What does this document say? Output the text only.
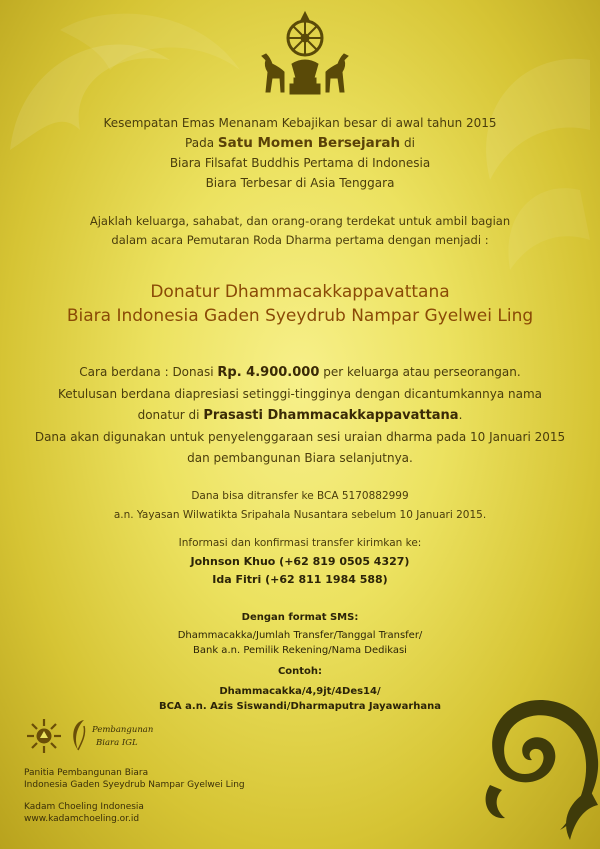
Kesempatan Emas Menanam Kebajikan besar di awal tahun 2015
Pada Satu Momen Bersejarah di
Biara Filsafat Buddhis Pertama di Indonesia
Biara Terbesar di Asia Tenggara
Ajaklah keluarga, sahabat, dan orang-orang terdekat untuk ambil bagian
dalam acara Pemutaran Roda Dharma pertama dengan menjadi :
Donatur Dhammacakkappavattana
Biara Indonesia Gaden Syeydrub Nampar Gyelwei Ling
Cara berdana : Donasi Rp. 4.900.000 per keluarga atau perseorangan.
Ketulusan berdana diapresiasi setinggi-tingginya dengan dicantumkannya nama
donatur di Prasasti Dhammacakkappavattana.
Dana akan digunakan untuk penyelenggaraan sesi uraian dharma pada 10 Januari 2015
dan pembangunan Biara selanjutnya.
Dana bisa ditransfer ke BCA 5170882999
a.n. Yayasan Wilwatikta Sripahala Nusantara sebelum 10 Januari 2015.
Informasi dan konfirmasi transfer kirimkan ke:
Johnson Khuo (+62 819 0505 4327)
Ida Fitri (+62 811 1984 588)
Dengan format SMS:
Dhammacakka/Jumlah Transfer/Tanggal Transfer/
Bank a.n. Pemilik Rekening/Nama Dedikasi
Contoh:
Dhammacakka/4,9jt/4Des14/
BCA a.n. Azis Siswandi/Dharmaputra Jayawarhana
Pembangunan
Biara IGL
Panitia Pembangunan Biara
Indonesia Gaden Syeydrub Nampar Gyelwei Ling
Kadam Choeling Indonesia
www.kadamchoeling.or.id
